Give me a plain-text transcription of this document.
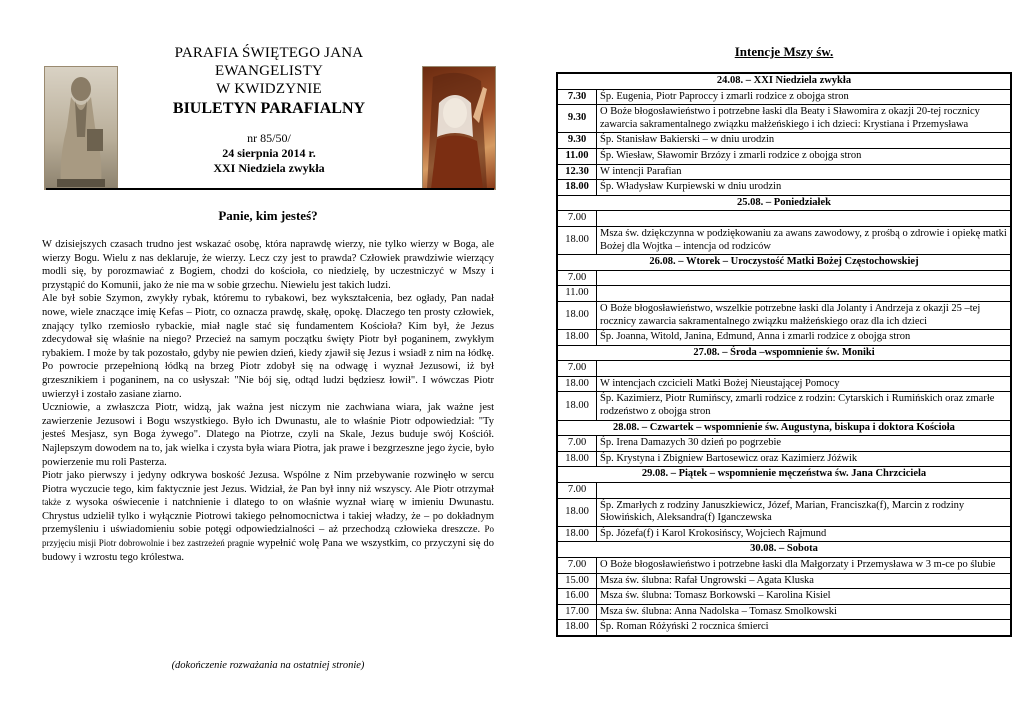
PARAFIA ŚWIĘTEGO JANA EWANGELISTY
W KWIDZYNIE
BIULETYN PARAFIALNY
nr 85/50/
24 sierpnia 2014 r.
XXI Niedziela zwykła
Panie, kim jesteś?

W dzisiejszych czasach trudno jest wskazać osobę, która naprawdę wierzy, nie tylko wierzy w Boga, ale wierzy Bogu. Wielu z nas deklaruje, że wierzy. Lecz czy jest to prawda? Człowiek prawdziwie wierzący modli się, by porozmawiać z Bogiem, chodzi do kościoła, co niedzielę, by uczestniczyć w Mszy i przystąpić do Komunii, jako że nie ma w sobie grzechu. Niewielu jest takich ludzi.

Ale był sobie Szymon, zwykły rybak, któremu to rybakowi, bez wykształcenia, bez ogłady, Pan nadał nowe, wiele znaczące imię Kefas – Piotr, co oznacza prawdę, skałę, opokę. Dlaczego ten prosty człowiek, znający tylko rzemiosło rybackie, miał nagle stać się fundamentem Kościoła? Kim był, że Jezus zdecydował się właśnie na niego? Przecież na samym początku święty Piotr był poganinem, zwykłym rybakiem. I może by tak pozostało, gdyby nie pewien dzień, kiedy zjawił się Jezus i wsiadł z nim na łódkę. Po powrocie przepełnioną łódką na brzeg Piotr zdobył się na odwagę i wyznał Jezusowi, iż był grzesznikiem i poganinem, na co usłyszał: "Nie bój się, odtąd ludzi będziesz łowił". I wówczas Piotr uwierzył i zostało zasiane ziarno.

Uczniowie, a zwłaszcza Piotr, widzą, jak ważna jest niczym nie zachwiana wiara, jak ważne jest zawierzenie Jezusowi i Bogu wszystkiego. Było ich Dwunastu, ale to właśnie Piotr odpowiedział: "Ty jesteś Mesjasz, syn Boga żywego". Dlatego na Piotrze, czyli na Skale, Jezus buduje swój Kościół. Najlepszym dowodem na to, jak wielka i czysta była wiara Piotra, jak prawe i bezgrzeszne jego życie, było powierzenie mu roli Pasterza.

Piotr jako pierwszy i jedyny odkrywa boskość Jezusa. Wspólne z Nim przebywanie rozwinęło w sercu Piotra wyczucie tego, kim faktycznie jest Jezus. Widział, że Pan był inny niż wszyscy. Ale Piotr otrzymał także z wysoka oświecenie i natchnienie i dlatego to on właśnie wyznał wiarę w imieniu Dwunastu. Chrystus udzielił tylko i wyłącznie Piotrowi takiego pełnomocnictwa i takiej władzy, że – po dokładnym przemyśleniu i uświadomieniu sobie potęgi odpowiedzialności – aż przechodzą człowieka dreszcze. Po przyjęciu misji Piotr dobrowolnie i bez zastrzeżeń pragnie wypełnić wolę Pana we wszystkim, co przyczyni się do budowy i wzrostu tego królestwa.

(dokończenie rozważania na ostatniej stronie)
Intencje Mszy św.
24.08. – XXI Niedziela zwykła	
7.30	Śp. Eugenia, Piotr Paproccy i zmarli rodzice z obojga stron
9.30	O Boże błogosławieństwo i potrzebne łaski dla Beaty i Sławomira z okazji 20-tej rocznicy zawarcia sakramentalnego związku małżeńskiego i ich dzieci: Krystiana i Przemysława
9.30	Śp. Stanisław Bakierski – w dniu urodzin
11.00	Śp. Wiesław, Sławomir Brzózy i zmarli rodzice z obojga stron
12.30	W intencji Parafian
18.00	Śp. Władysław Kurpiewski w dniu urodzin
25.08. – Poniedziałek	
7.00	
18.00	Msza św. dziękczynna w podziękowaniu za awans zawodowy, z prośbą o zdrowie i opiekę matki Bożej dla Wojtka – intencja od rodziców
26.08. – Wtorek – Uroczystość Matki Bożej Częstochowskiej	
7.00	
11.00	
18.00	O Boże błogosławieństwo, wszelkie potrzebne łaski dla Jolanty i Andrzeja z okazji 25 –tej rocznicy zawarcia sakramentalnego związku małżeńskiego oraz dla ich dzieci
18.00	Śp. Joanna, Witold, Janina, Edmund, Anna i zmarli rodzice z obojga stron
27.08. – Środa –wspomnienie św. Moniki	
7.00	
18.00	W intencjach czcicieli Matki Bożej Nieustającej Pomocy
18.00	Śp. Kazimierz, Piotr Rumińscy, zmarli rodzice z rodzin: Cytarskich i Rumińskich oraz zmarłe rodzeństwo z obojga stron
28.08. – Czwartek – wspomnienie św. Augustyna, biskupa i doktora Kościoła	
7.00	Śp. Irena Damazych 30 dzień po pogrzebie
18.00	Śp. Krystyna i Zbigniew Bartosewicz oraz Kazimierz Jóźwik
29.08. – Piątek – wspomnienie męczeństwa św. Jana Chrzciciela	
7.00	
18.00	Śp. Zmarłych z rodziny Januszkiewicz, Józef, Marian, Franciszka(f), Marcin z rodziny Słowińskich, Aleksandra(f) Iganczewska
18.00	Śp. Józefa(f) i Karol Krokosińscy, Wojciech Rajmund
30.08. – Sobota	
7.00	O Boże błogosławieństwo i potrzebne łaski dla Małgorzaty i Przemysława w 3 m-ce po ślubie
15.00	Msza św. ślubna: Rafał Ungrowski – Agata Kluska
16.00	Msza św. ślubna: Tomasz Borkowski – Karolina Kisiel
17.00	Msza św. ślubna: Anna Nadolska – Tomasz Smolkowski
18.00	Śp. Roman Różyński 2 rocznica śmierci
